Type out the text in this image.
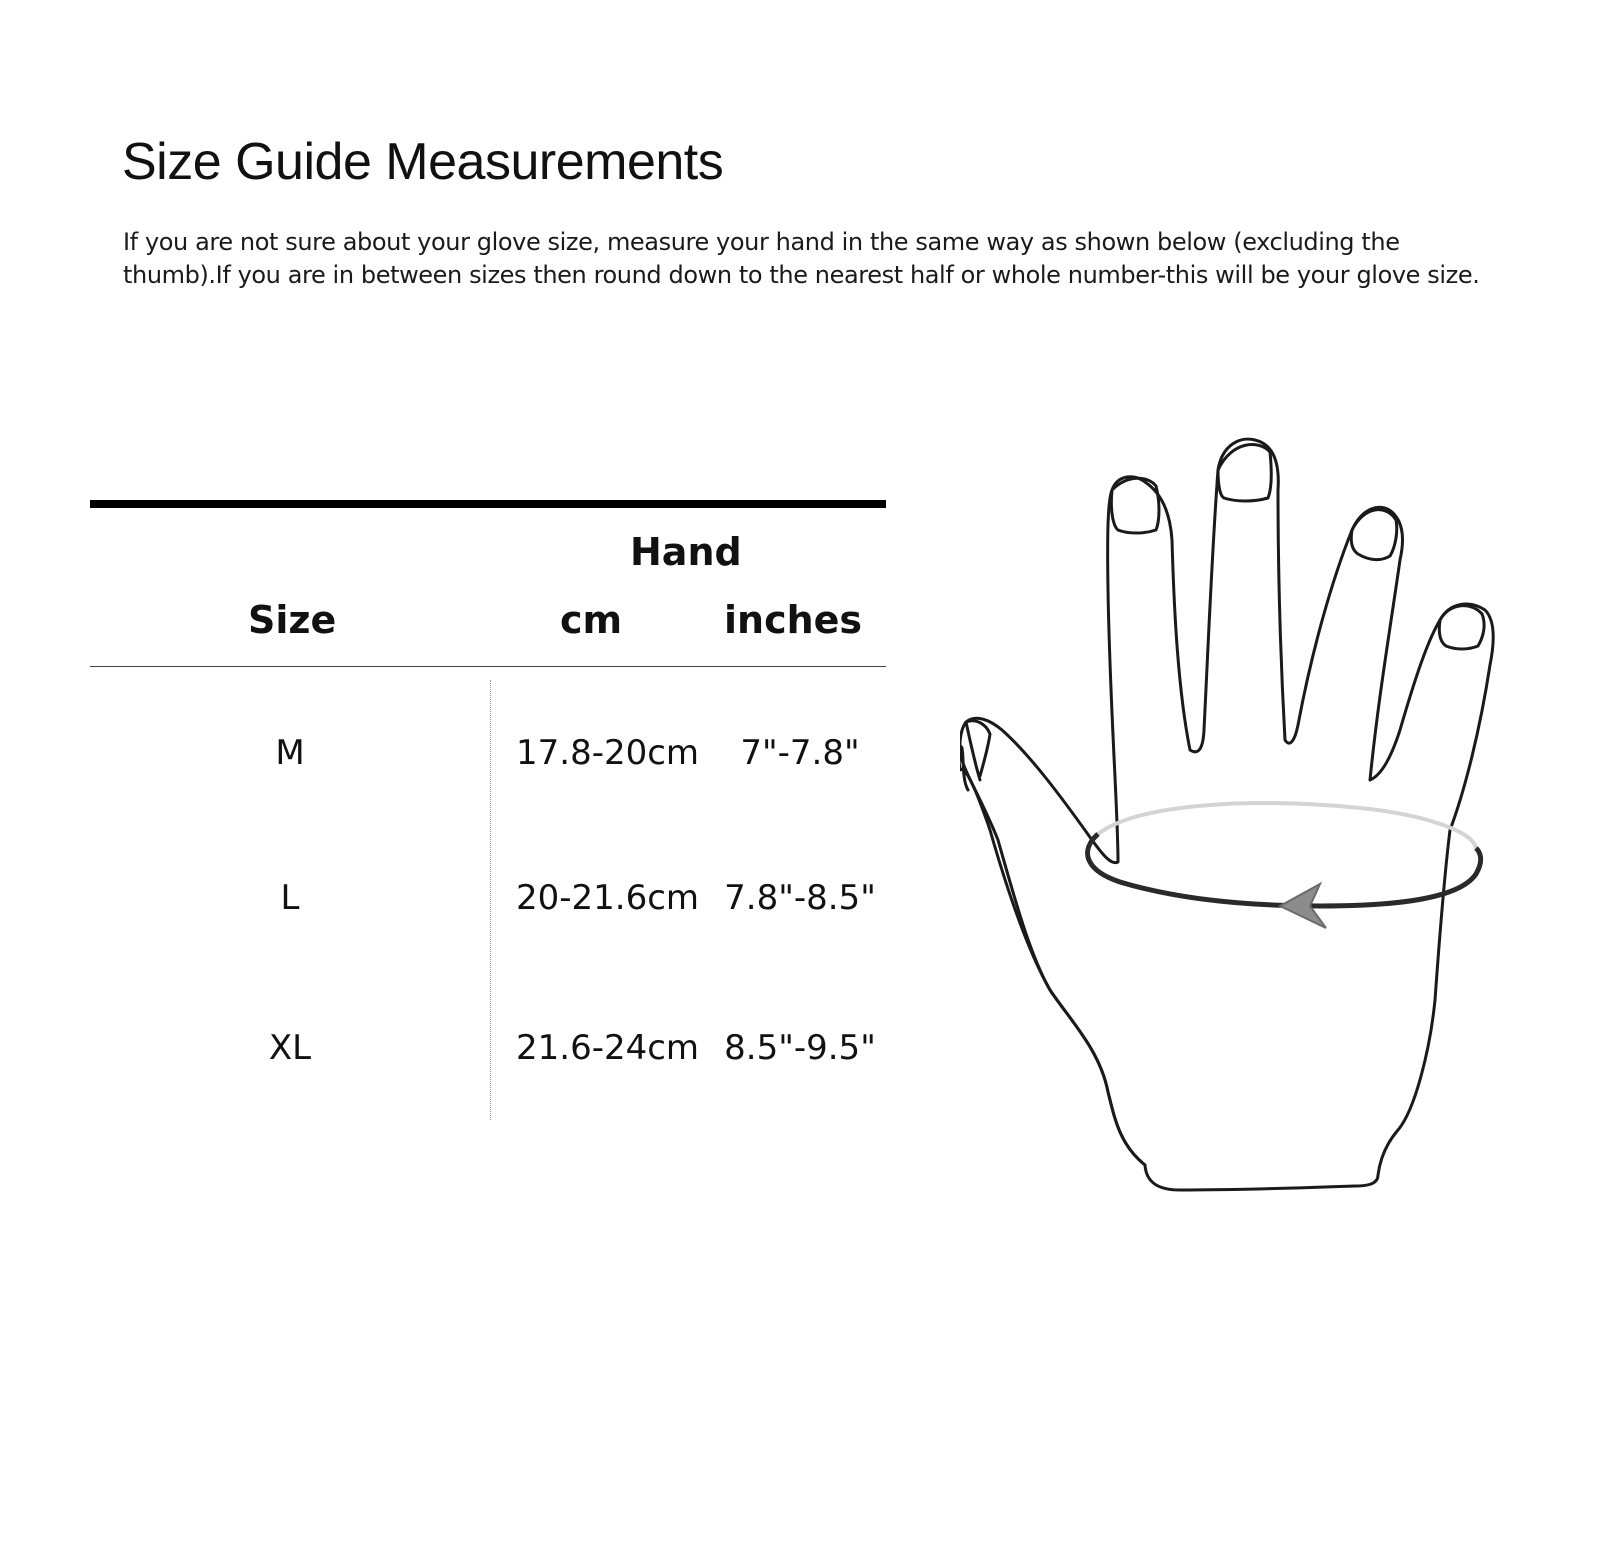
Size Guide Measurements

If you are not sure about your glove size, measure your hand in the same way as shown below (excluding the thumb).If you are in between sizes then round down to the nearest half or whole number-this will be your glove size.

Hand
Size	cm	inches
M	17.8-20cm	7"-7.8"
L	20-21.6cm 7.8"-8.5"
XL	21.6-24cm 8.5"-9.5"
